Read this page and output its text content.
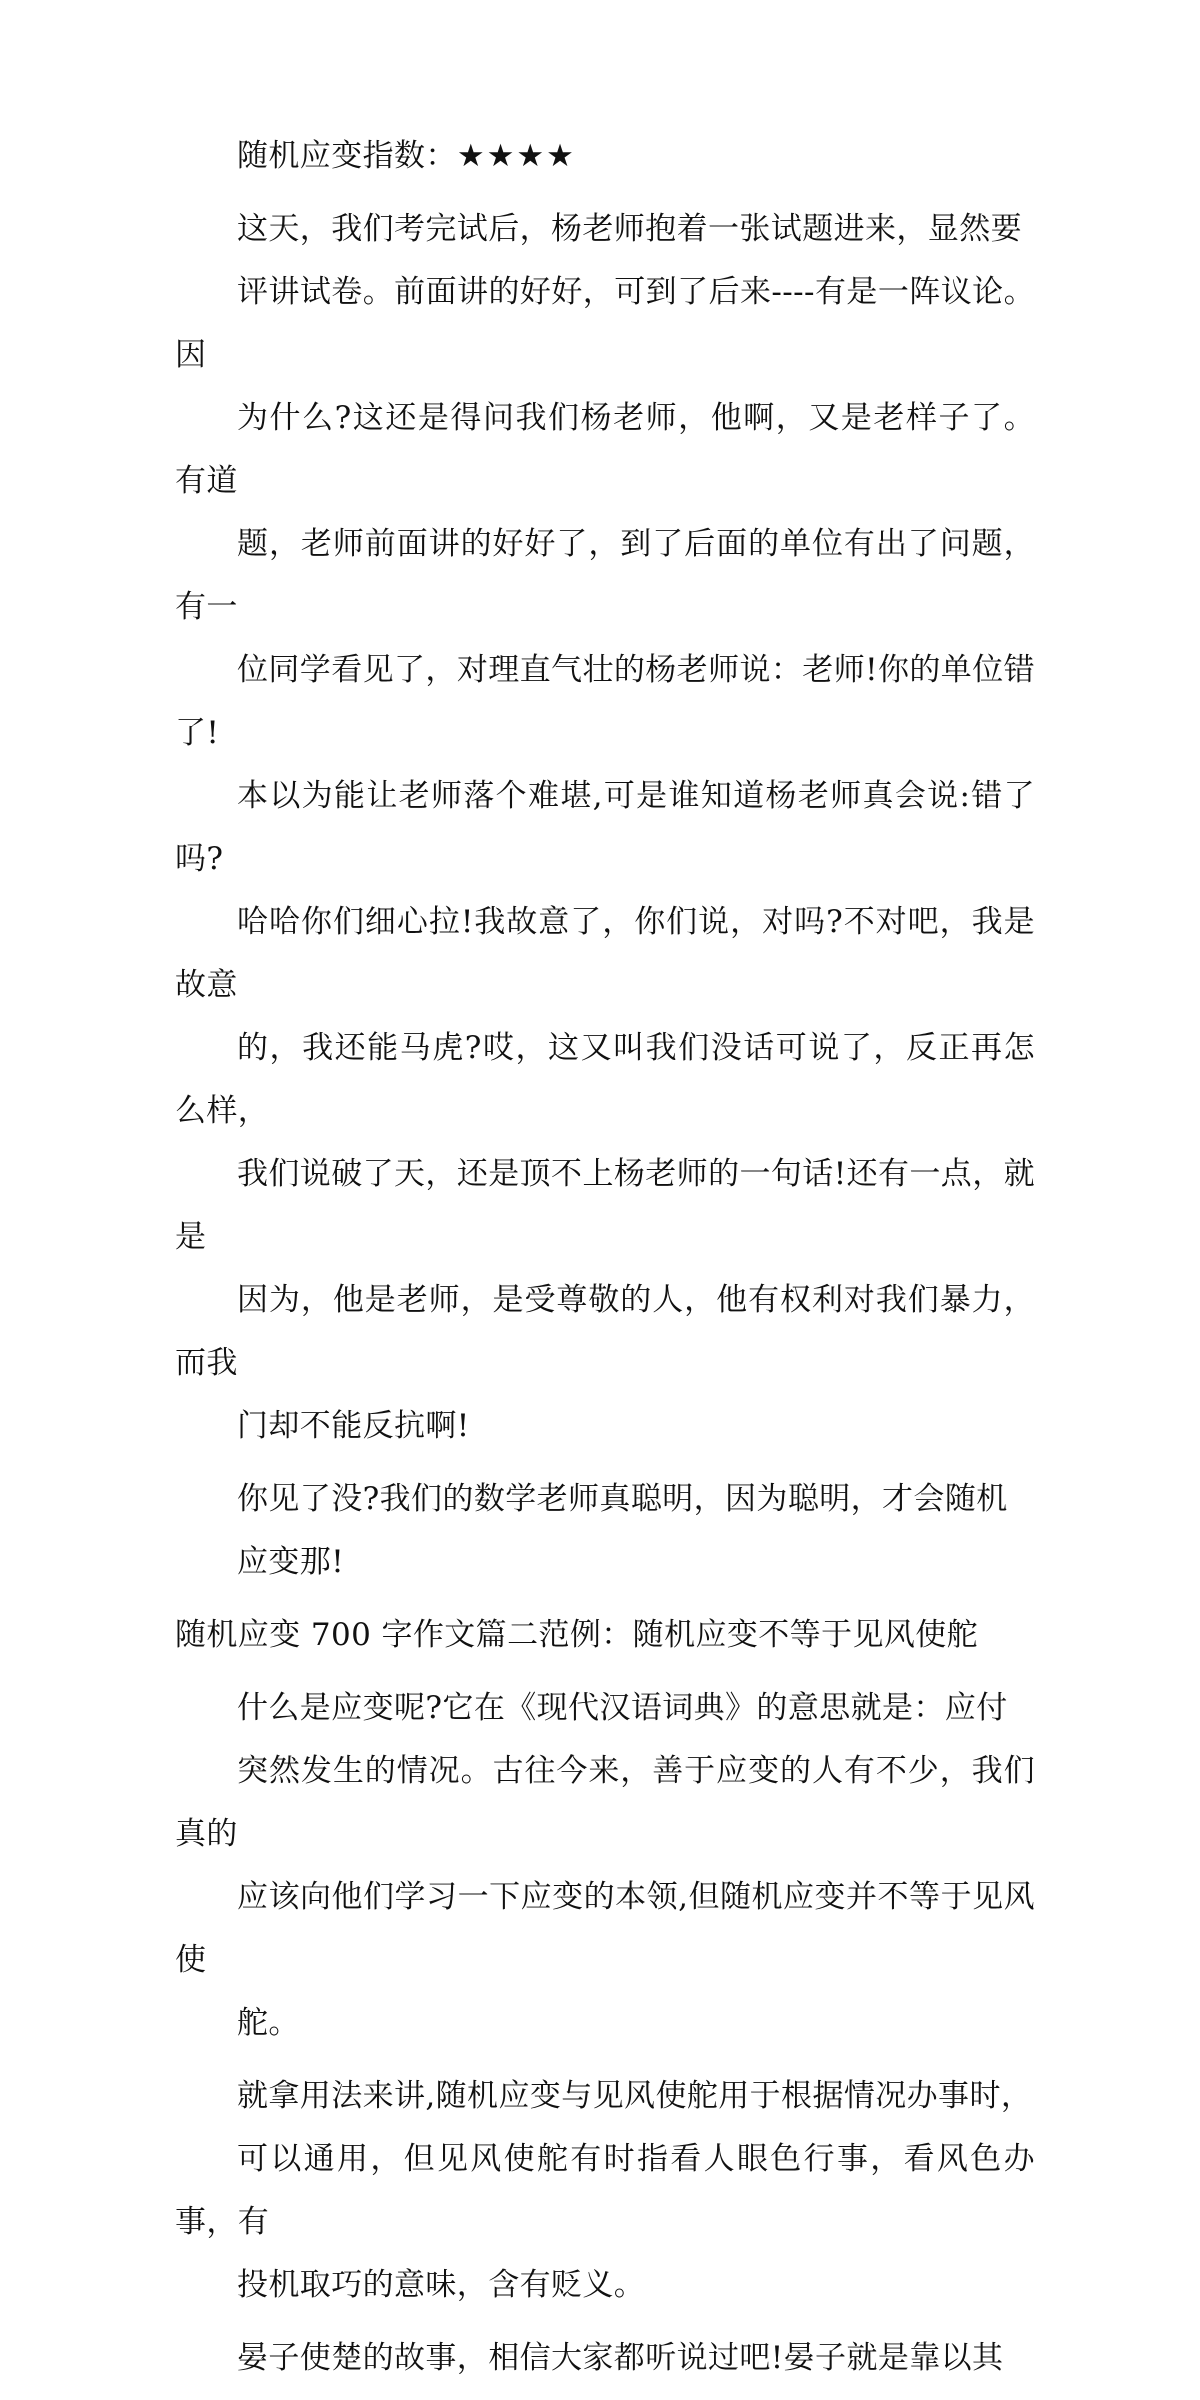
随机应变指数：★★★★
这天，我们考完试后，杨老师抱着一张试题进来，显然要
评讲试卷。前面讲的好好，可到了后来----有是一阵议论。因
为什么?这还是得问我们杨老师，他啊，又是老样子了。有道
题，老师前面讲的好好了，到了后面的单位有出了问题，有一
位同学看见了，对理直气壮的杨老师说：老师!你的单位错了!
本以为能让老师落个难堪,可是谁知道杨老师真会说:错了吗?
哈哈你们细心拉!我故意了，你们说，对吗?不对吧，我是故意
的，我还能马虎?哎，这又叫我们没话可说了，反正再怎么样，
我们说破了天，还是顶不上杨老师的一句话!还有一点，就是
因为，他是老师，是受尊敬的人，他有权利对我们暴力，而我
门却不能反抗啊!
你见了没?我们的数学老师真聪明，因为聪明，才会随机
应变那!
随机应变 700 字作文篇二范例：随机应变不等于见风使舵
什么是应变呢?它在《现代汉语词典》的意思就是：应付
突然发生的情况。古往今来，善于应变的人有不少，我们真的
应该向他们学习一下应变的本领,但随机应变并不等于见风使
舵。
就拿用法来讲,随机应变与见风使舵用于根据情况办事时，
可以通用，但见风使舵有时指看人眼色行事，看风色办事，有
投机取巧的意味，含有贬义。
晏子使楚的故事，相信大家都听说过吧!晏子就是靠以其
